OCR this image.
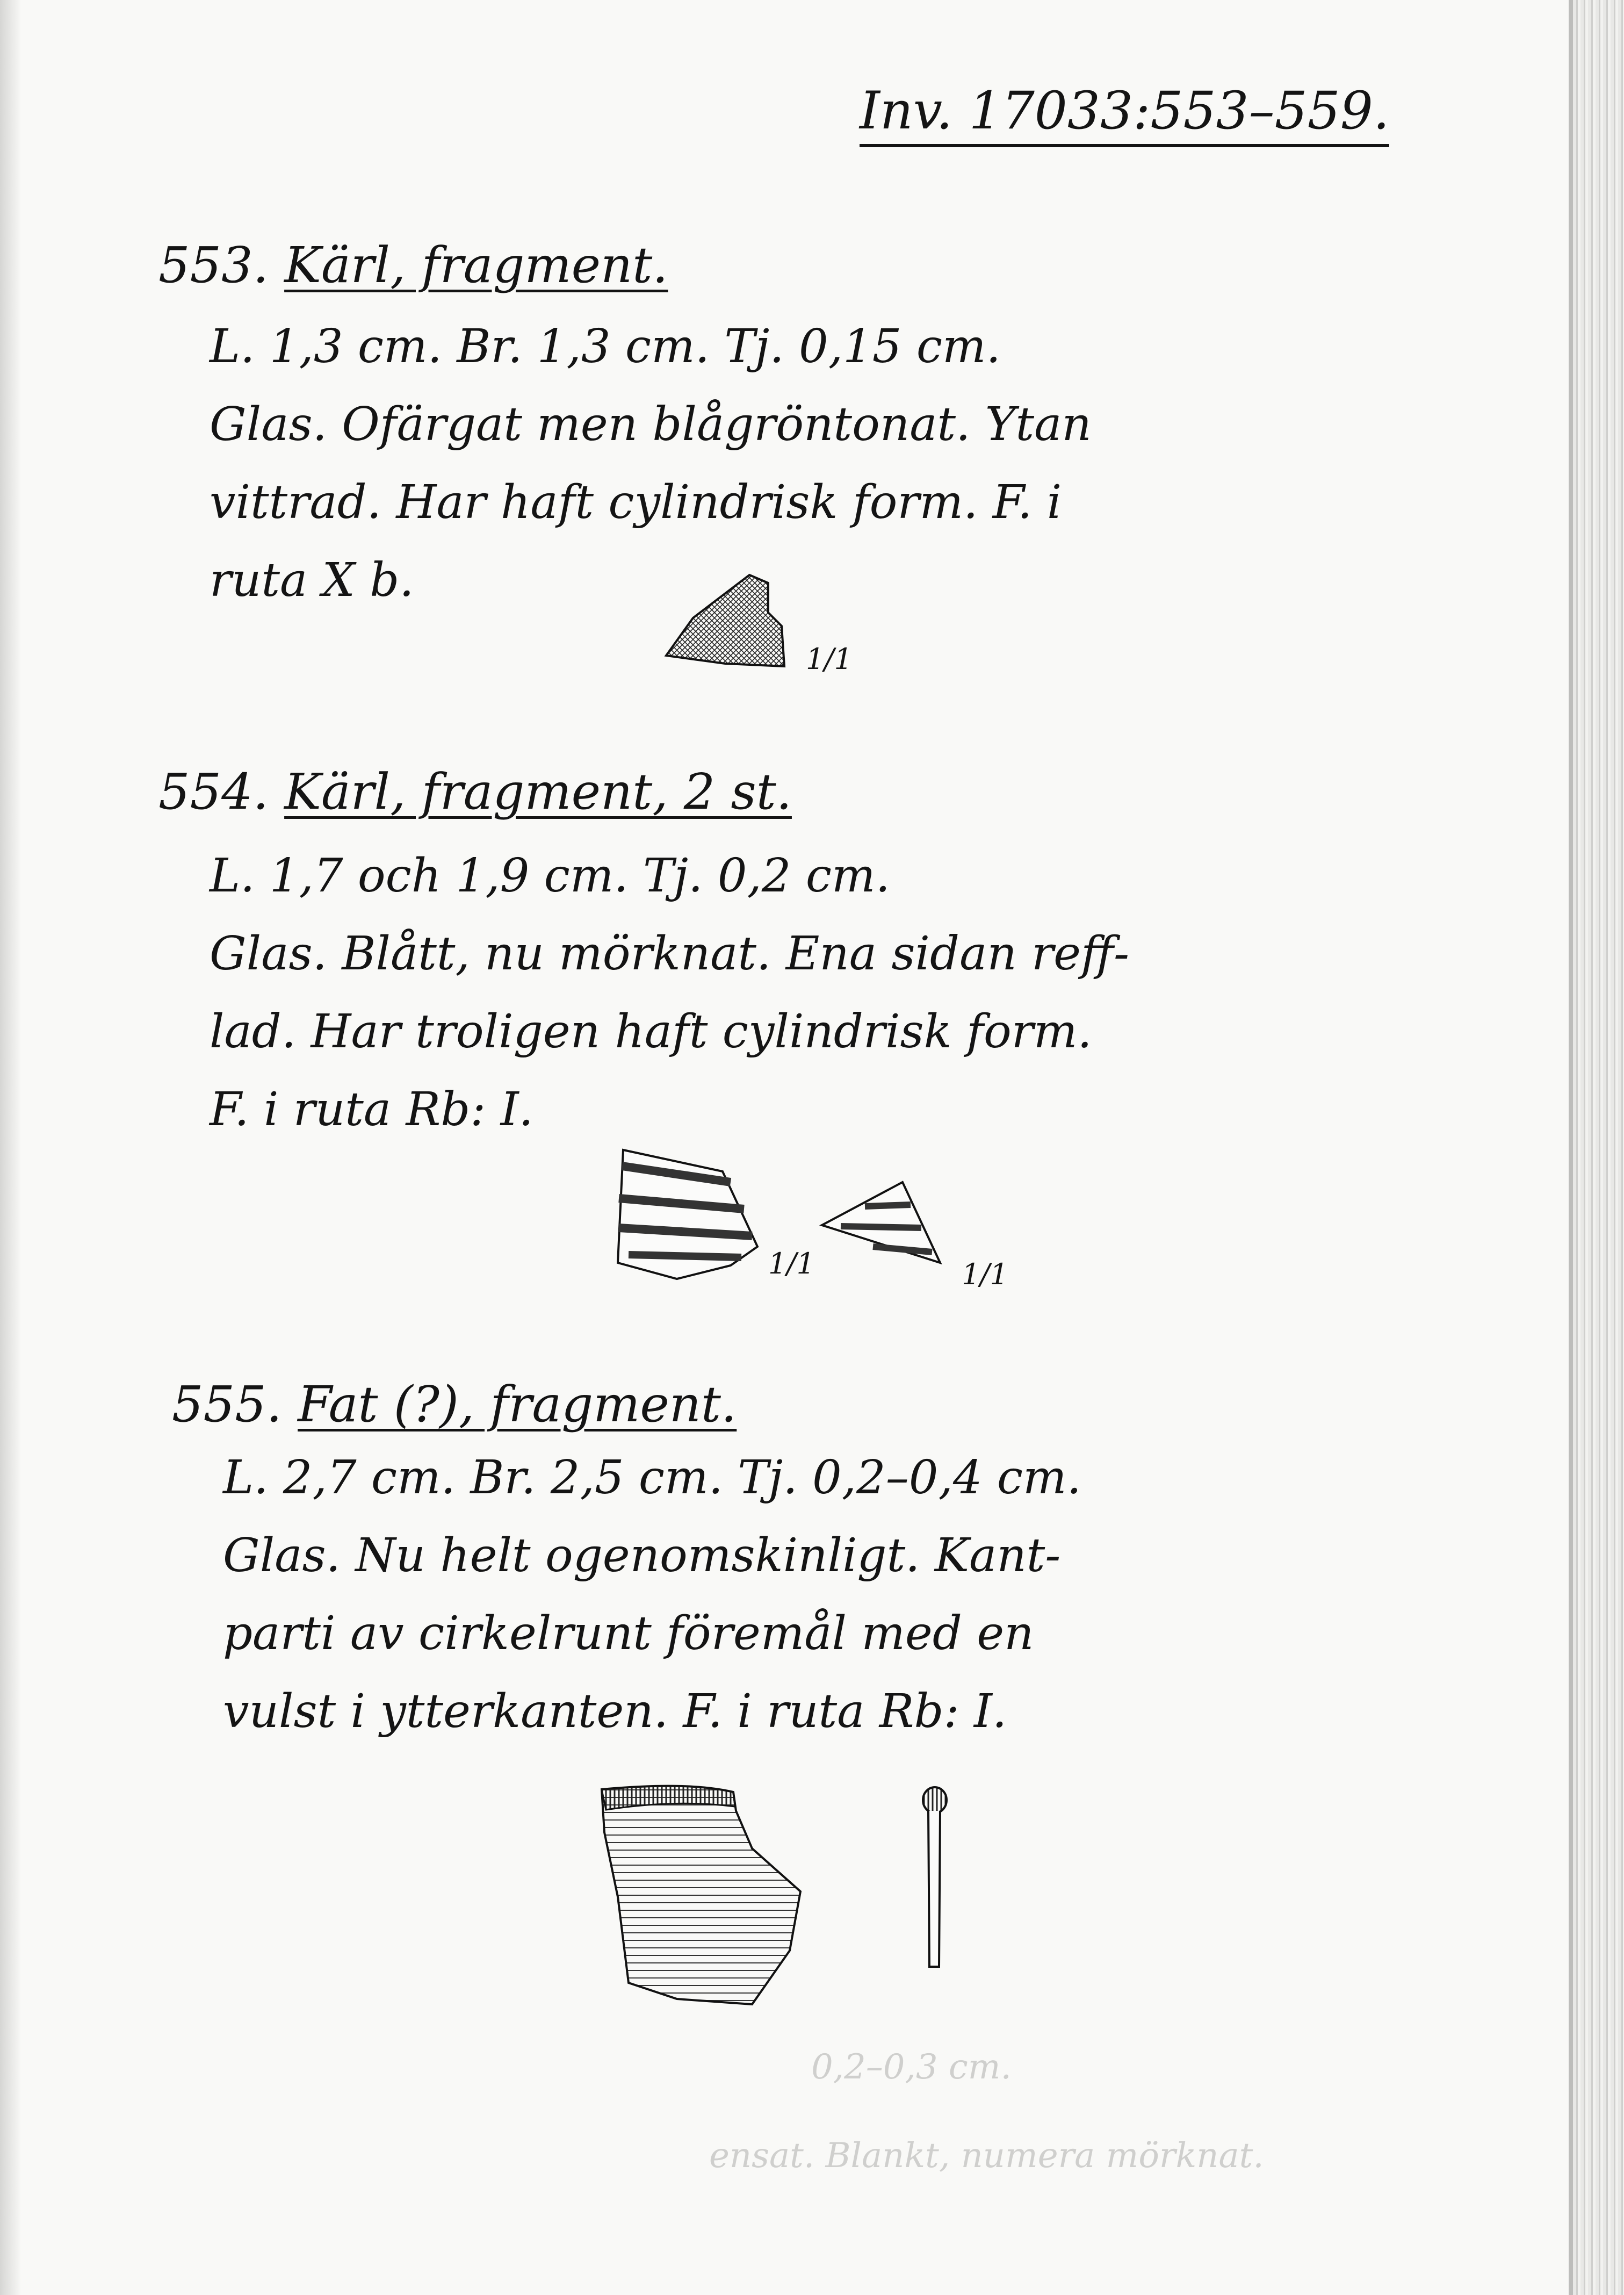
Inv. 17033:553–559.
553. Kärl, fragment.
L. 1,3 cm. Br. 1,3 cm. Tj. 0,15 cm.
Glas. Ofärgat men blågröntonat. Ytan
vittrad. Har haft cylindrisk form. F. i
ruta X b.
1/1
554. Kärl, fragment, 2 st.
L. 1,7 och 1,9 cm. Tj. 0,2 cm.
Glas. Blått, nu mörknat. Ena sidan reff-
lad. Har troligen haft cylindrisk form.
F. i ruta Rb: I.
1/1	1/1
555. Fat (?), fragment.
L. 2,7 cm. Br. 2,5 cm. Tj. 0,2–0,4 cm.
Glas. Nu helt ogenomskinligt. Kant-
parti av cirkelrunt föremål med en
vulst i ytterkanten. F. i ruta Rb: I.
0,2–0,3 cm.
ensat. Blankt, numera mörknat.
